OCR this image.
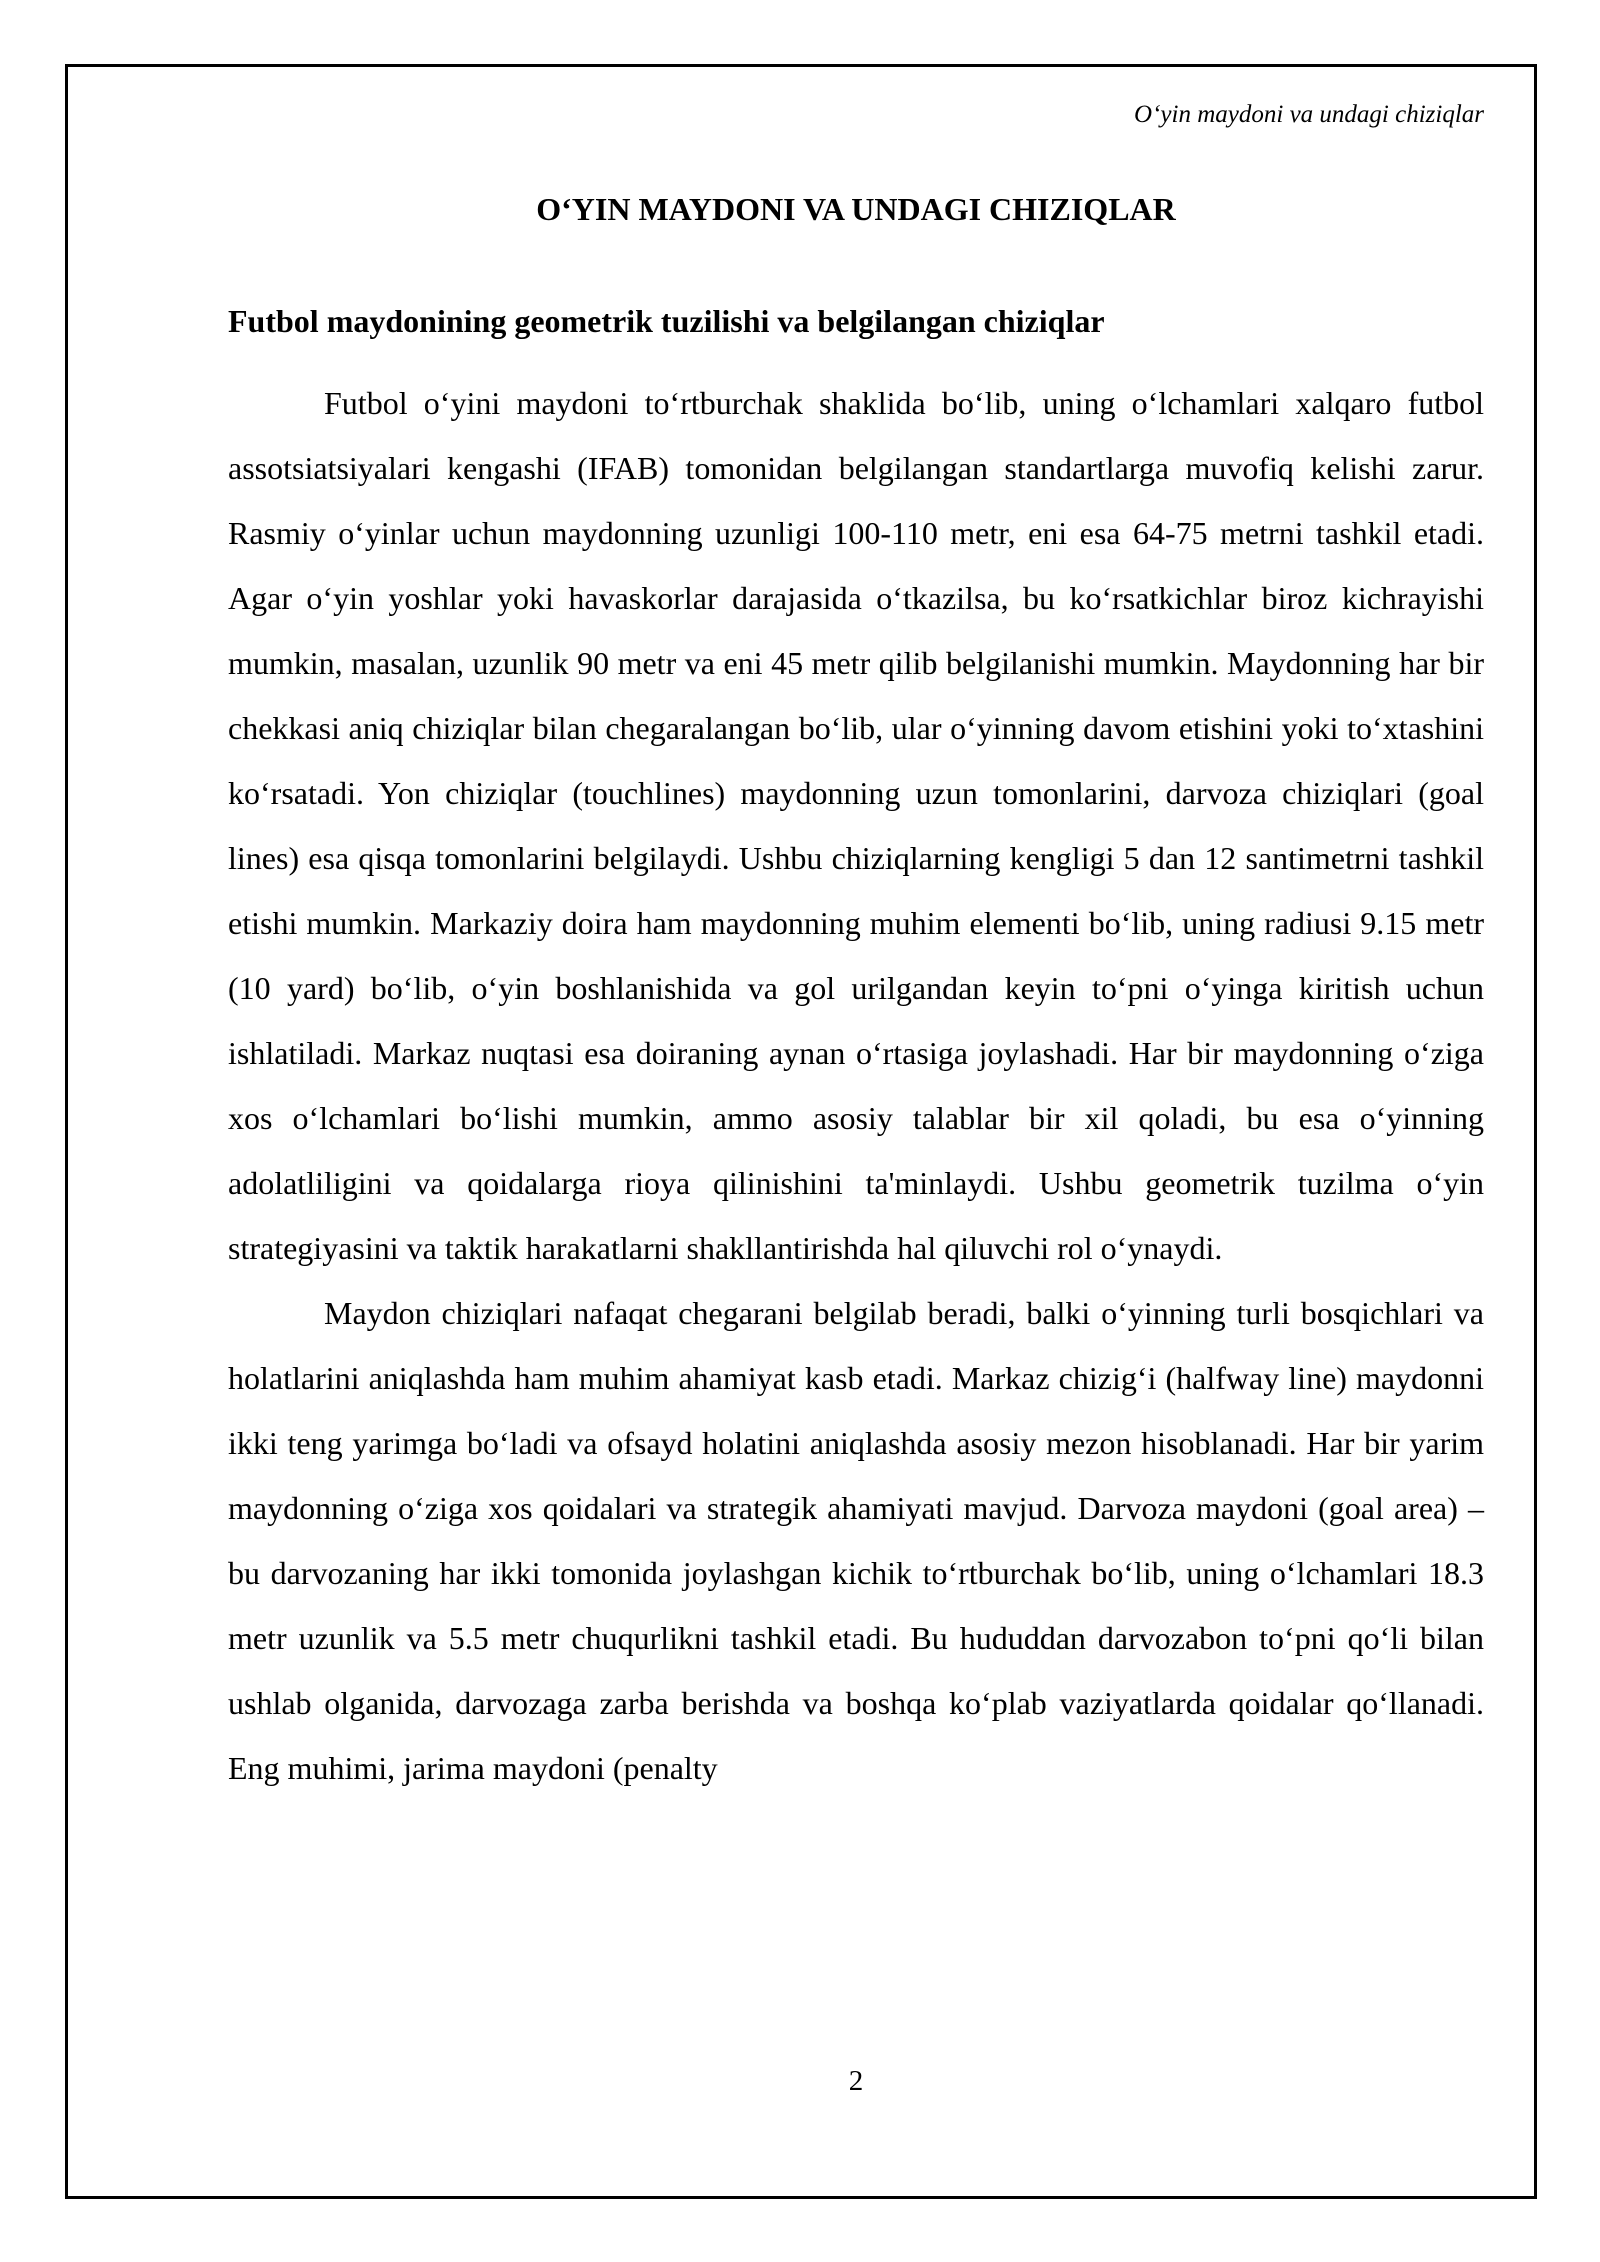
O‘yin maydoni va undagi chiziqlar
O‘YIN MAYDONI VA UNDAGI CHIZIQLAR
Futbol maydonining geometrik tuzilishi va belgilangan chiziqlar

Futbol o‘yini maydoni to‘rtburchak shaklida bo‘lib, uning o‘lchamlari xalqaro futbol assotsiatsiyalari kengashi (IFAB) tomonidan belgilangan standartlarga muvofiq kelishi zarur. Rasmiy o‘yinlar uchun maydonning uzunligi 100-110 metr, eni esa 64-75 metrni tashkil etadi. Agar o‘yin yoshlar yoki havaskorlar darajasida o‘tkazilsa, bu ko‘rsatkichlar biroz kichrayishi mumkin, masalan, uzunlik 90 metr va eni 45 metr qilib belgilanishi mumkin. Maydonning har bir chekkasi aniq chiziqlar bilan chegaralangan bo‘lib, ular o‘yinning davom etishini yoki to‘xtashini ko‘rsatadi. Yon chiziqlar (touchlines) maydonning uzun tomonlarini, darvoza chiziqlari (goal lines) esa qisqa tomonlarini belgilaydi. Ushbu chiziqlarning kengligi 5 dan 12 santimetrni tashkil etishi mumkin. Markaziy doira ham maydonning muhim elementi bo‘lib, uning radiusi 9.15 metr (10 yard) bo‘lib, o‘yin boshlanishida va gol urilgandan keyin to‘pni o‘yinga kiritish uchun ishlatiladi. Markaz nuqtasi esa doiraning aynan o‘rtasiga joylashadi. Har bir maydonning o‘ziga xos o‘lchamlari bo‘lishi mumkin, ammo asosiy talablar bir xil qoladi, bu esa o‘yinning adolatliligini va qoidalarga rioya qilinishini ta'minlaydi. Ushbu geometrik tuzilma o‘yin strategiyasini va taktik harakatlarni shakllantirishda hal qiluvchi rol o‘ynaydi.

Maydon chiziqlari nafaqat chegarani belgilab beradi, balki o‘yinning turli bosqichlari va holatlarini aniqlashda ham muhim ahamiyat kasb etadi. Markaz chizig‘i (halfway line) maydonni ikki teng yarimga bo‘ladi va ofsayd holatini aniqlashda asosiy mezon hisoblanadi. Har bir yarim maydonning o‘ziga xos qoidalari va strategik ahamiyati mavjud. Darvoza maydoni (goal area) – bu darvozaning har ikki tomonida joylashgan kichik to‘rtburchak bo‘lib, uning o‘lchamlari 18.3 metr uzunlik va 5.5 metr chuqurlikni tashkil etadi. Bu hududdan darvozabon to‘pni qo‘li bilan ushlab olganida, darvozaga zarba berishda va boshqa ko‘plab vaziyatlarda qoidalar qo‘llanadi. Eng muhimi, jarima maydoni (penalty

2
